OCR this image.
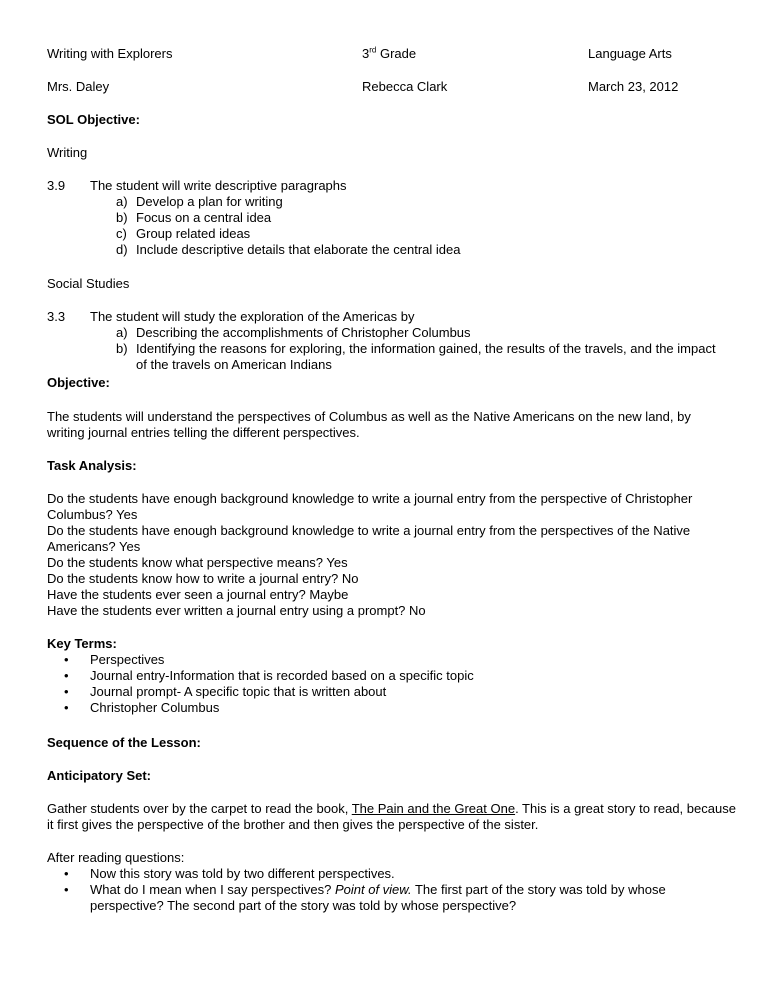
Writing with Explorers	3rd Grade	Language Arts
Mrs. Daley	Rebecca Clark	March 23, 2012
SOL Objective:
Writing
3.9 The student will write descriptive paragraphs
a) Develop a plan for writing
b) Focus on a central idea
c) Group related ideas
d) Include descriptive details that elaborate the central idea
Social Studies
3.3 The student will study the exploration of the Americas by
a) Describing the accomplishments of Christopher Columbus
b) Identifying the reasons for exploring, the information gained, the results of the travels, and the impact
of the travels on American Indians
Objective:
The students will understand the perspectives of Columbus as well as the Native Americans on the new land, by writing journal entries telling the different perspectives.
Task Analysis:
Do the students have enough background knowledge to write a journal entry from the perspective of Christopher
Columbus? Yes
Do the students have enough background knowledge to write a journal entry from the perspectives of the Native
Americans? Yes
Do the students know what perspective means? Yes
Do the students know how to write a journal entry? No
Have the students ever seen a journal entry? Maybe
Have the students ever written a journal entry using a prompt? No
Key Terms:
• Perspectives
• Journal entry-Information that is recorded based on a specific topic
• Journal prompt- A specific topic that is written about
• Christopher Columbus
Sequence of the Lesson:
Anticipatory Set:
Gather students over by the carpet to read the book, The Pain and the Great One. This is a great story to read, because
it first gives the perspective of the brother and then gives the perspective of the sister.
After reading questions:
• Now this story was told by two different perspectives.
• What do I mean when I say perspectives? Point of view. The first part of the story was told by whose
perspective? The second part of the story was told by whose perspective?
